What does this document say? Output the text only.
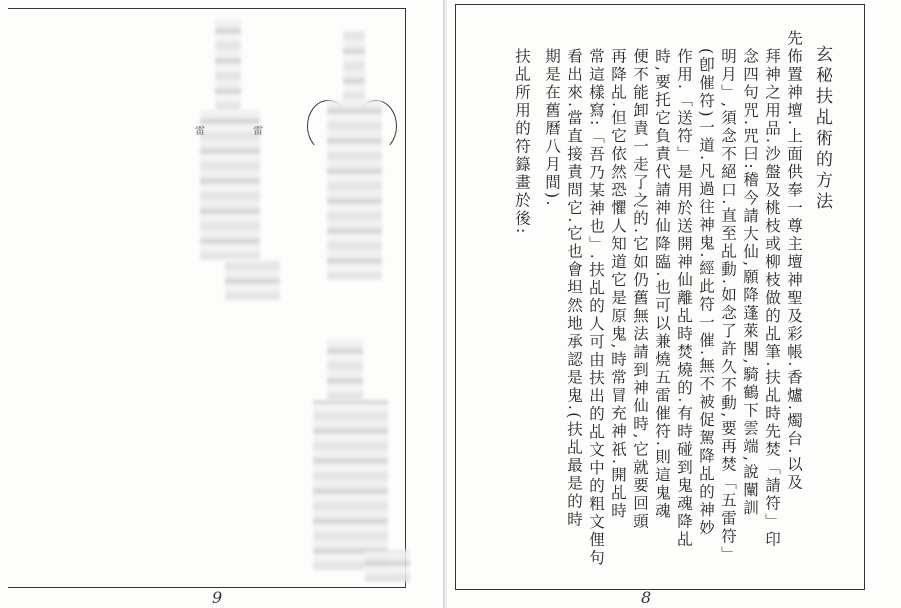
雷	雷
9
玄秘扶乩術的方法
先佈置神壇.上面供奉一尊主壇神聖及彩帳.香爐.燭台.以及
拜神之用品.沙盤及桃枝或柳枝做的乩筆.扶乩時先焚「請符」印
念四句咒.咒曰:稽今請大仙,願降蓬萊閣,騎鶴下雲端,說闡訓
明月」,須念不絕口.直至乩動.如念了許久不動,要再焚「五雷符」
(卽催符)一道.凡過往神鬼.經此符一催.無不被促駕降乩的神妙
作用.「送符」是用於送開神仙離乩時焚燒的.有時碰到鬼魂降乩
時,要托它負責代請神仙降臨.也可以兼燒五雷催符.則這鬼魂
便不能卸責一走了之的.它如仍舊無法請到神仙時,它就要回頭
再降乩.但它依然恐懼人知道它是原鬼,時常冒充神祇.開乩時
常這樣寫:「吾乃某神也」.扶乩的人可由扶出的乩文中的粗文俚句
看出來.當直接責問它.它也會坦然地承認是鬼.(扶乩最是的時
期是在舊曆八月間).
扶乩所用的符籙畫於後:
8
